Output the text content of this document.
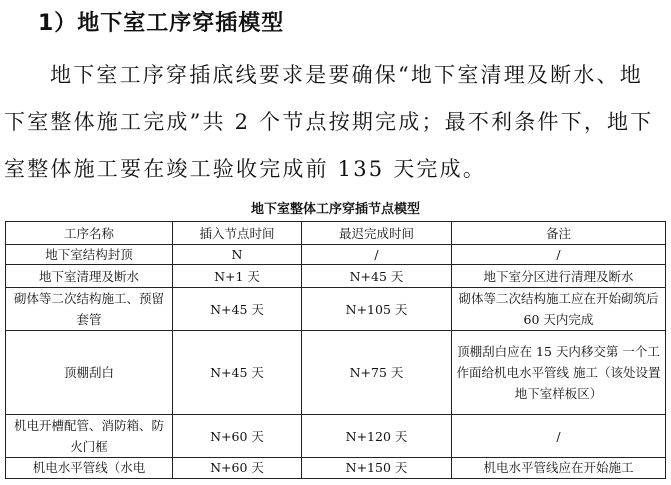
1）地下室工序穿插模型

地下室工序穿插底线要求是要确保“地下室清理及断水、地下室整体施工完成”共 2 个节点按期完成；最不利条件下，地下室整体施工要在竣工验收完成前 135 天完成。

地下室整体工序穿插节点模型
工序名称	插入节点时间	最迟完成时间	备注
地下室结构封顶	N	/	/
地下室清理及断水	N+1 天	N+45 天	地下室分区进行清理及断水
砌体等二次结构施工、预留套管	N+45 天	N+105 天	砌体等二次结构施工应在开始砌筑后 60 天内完成
顶棚刮白	N+45 天	N+75 天	顶棚刮白应在 15 天内移交第 一个工作面给机电水平管线 施工（该处设置地下室样板区）
机电开槽配管、消防箱、防火门框	N+60 天	N+120 天	/
机电水平管线（水电	N+60 天	N+150 天	机电水平管线应在开始施工
